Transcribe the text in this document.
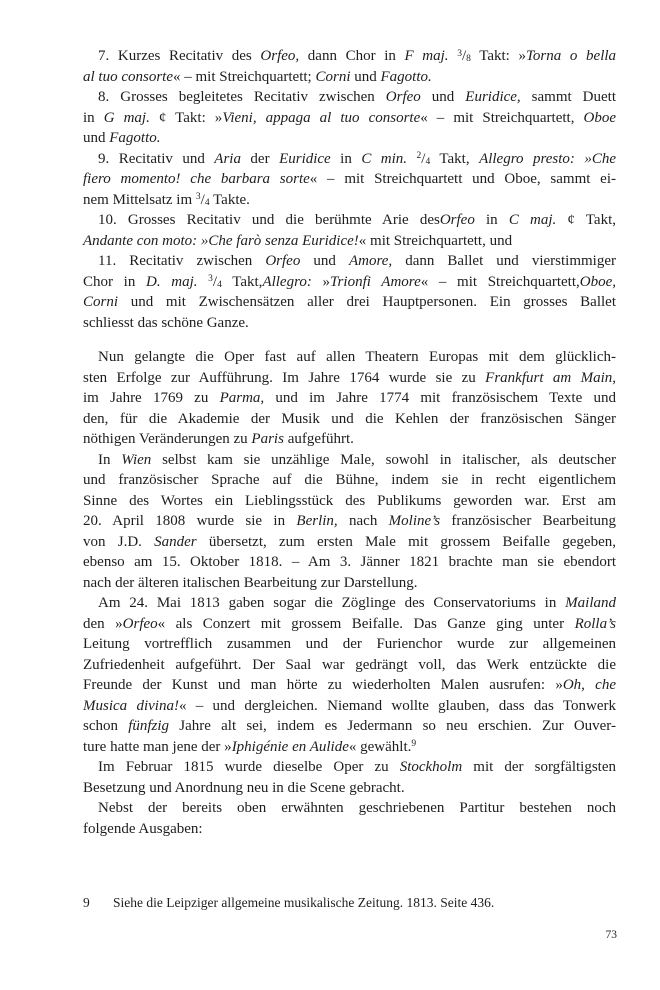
7. Kurzes Recitativ des Orfeo, dann Chor in F maj. $^3/_8$ Takt: »Torna o bella
al tuo consorte« – mit Streichquartett; Corni und Fagotto.
8. Grosses begleitetes Recitativ zwischen Orfeo und Euridice, sammt Duett
in G maj. ¢ Takt: »Vieni, appaga al tuo consorte« – mit Streichquartett, Oboe
und Fagotto.
9. Recitativ und Aria der Euridice in C min. $^2/_4$ Takt, Allegro presto: »Che
fiero momento! che barbara sorte« – mit Streichquartett und Oboe, sammt ei-
nem Mittelsatz im $^3/_4$ Takte.
10. Grosses Recitativ und die berühmte Arie desOrfeo in C maj. ¢ Takt,
Andante con moto: »Che farò senza Euridice!« mit Streichquartett, und
11. Recitativ zwischen Orfeo und Amore, dann Ballet und vierstimmiger
Chor in D. maj. $^3/_4$ Takt,Allegro: »Trionfi Amore« – mit Streichquartett,Oboe,
Corni und mit Zwischensätzen aller drei Hauptpersonen. Ein grosses Ballet
schliesst das schöne Ganze.
Nun gelangte die Oper fast auf allen Theatern Europas mit dem glücklich-
sten Erfolge zur Aufführung. Im Jahre 1764 wurde sie zu Frankfurt am Main,
im Jahre 1769 zu Parma, und im Jahre 1774 mit französischem Texte und
den, für die Akademie der Musik und die Kehlen der französischen Sänger
nöthigen Veränderungen zu Paris aufgeführt.
In Wien selbst kam sie unzählige Male, sowohl in italischer, als deutscher
und französischer Sprache auf die Bühne, indem sie in recht eigentlichem
Sinne des Wortes ein Lieblingsstück des Publikums geworden war. Erst am
20. April 1808 wurde sie in Berlin, nach Moline’s französischer Bearbeitung
von J.D. Sander übersetzt, zum ersten Male mit grossem Beifalle gegeben,
ebenso am 15. Oktober 1818. – Am 3. Jänner 1821 brachte man sie ebendort
nach der älteren italischen Bearbeitung zur Darstellung.
Am 24. Mai 1813 gaben sogar die Zöglinge des Conservatoriums in Mailand
den »Orfeo« als Conzert mit grossem Beifalle. Das Ganze ging unter Rolla’s
Leitung vortrefflich zusammen und der Furienchor wurde zur allgemeinen
Zufriedenheit aufgeführt. Der Saal war gedrängt voll, das Werk entzückte die
Freunde der Kunst und man hörte zu wiederholten Malen ausrufen: »Oh, che
Musica divina!« – und dergleichen. Niemand wollte glauben, dass das Tonwerk
schon fünfzig Jahre alt sei, indem es Jedermann so neu erschien. Zur Ouver-
ture hatte man jene der »Iphigénie en Aulide« gewählt.$^9$
Im Februar 1815 wurde dieselbe Oper zu Stockholm mit der sorgfältigsten
Besetzung und Anordnung neu in die Scene gebracht.
Nebst der bereits oben erwähnten geschriebenen Partitur bestehen noch
folgende Ausgaben:
9	Siehe die Leipziger allgemeine musikalische Zeitung. 1813. Seite 436.
73
